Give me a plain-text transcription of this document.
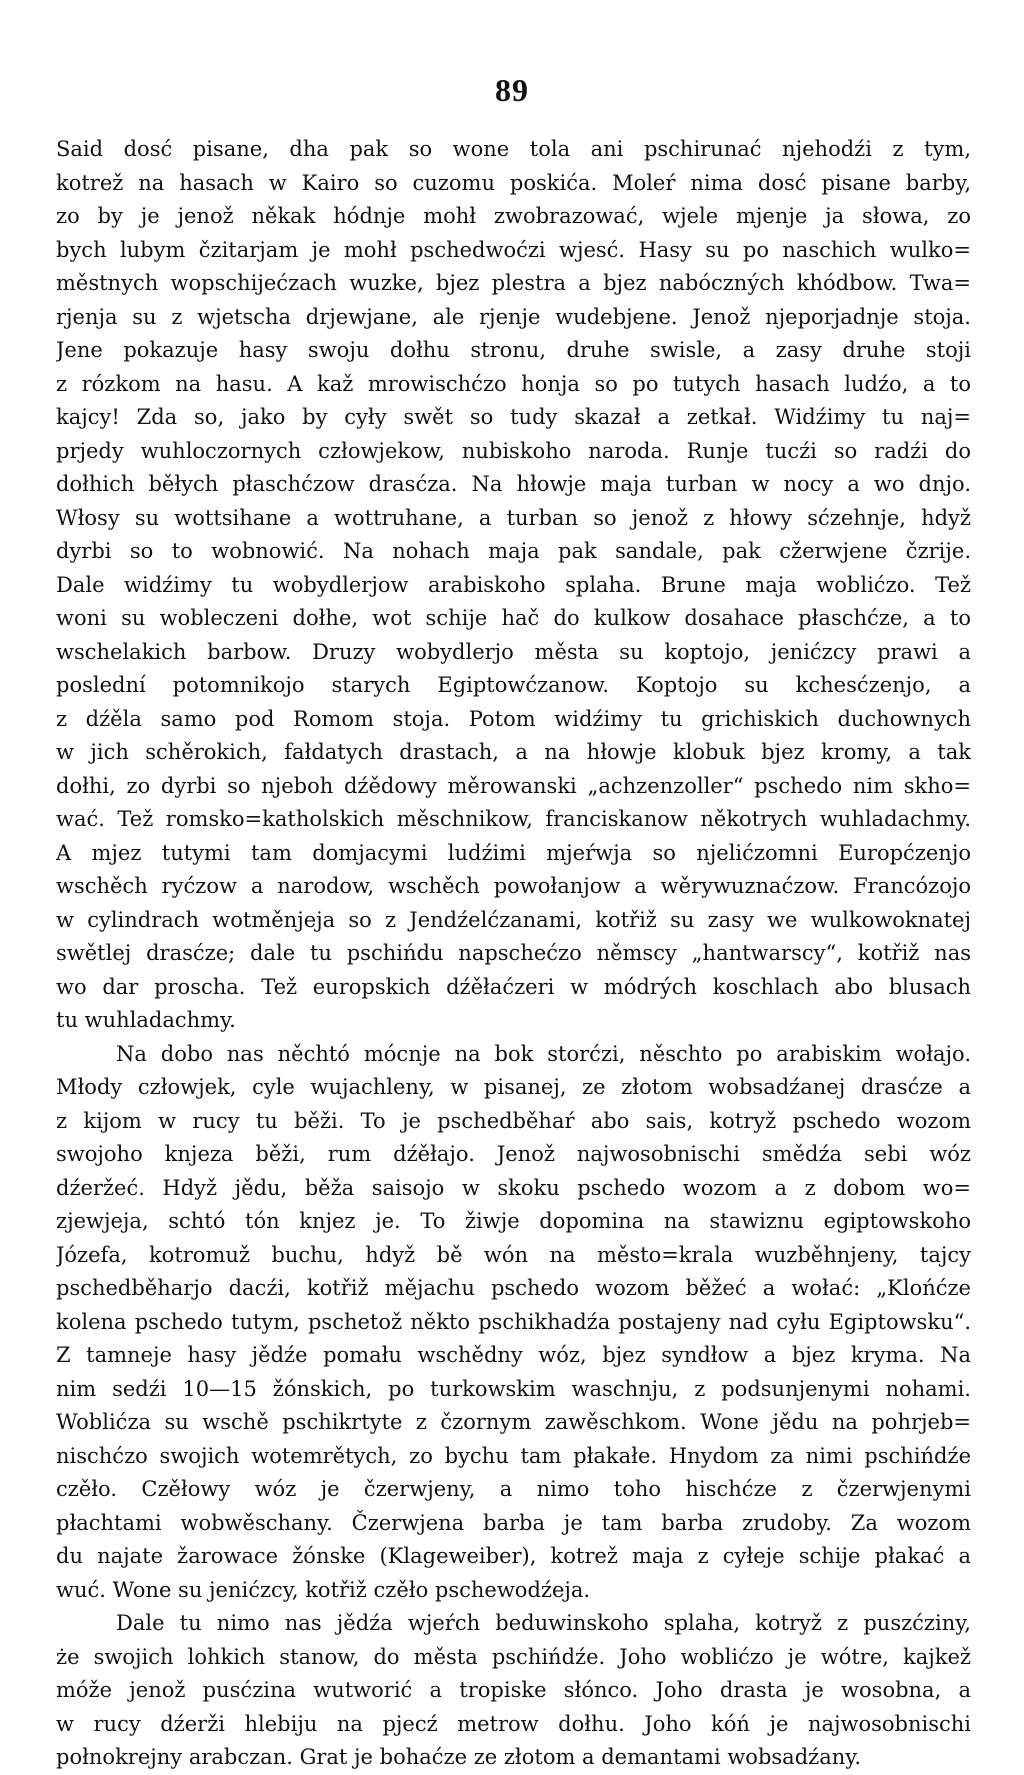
89
Said dosć pisane, dha pak so wone tola ani pschirunać njehodźi z tym,
kotrež na hasach w Kairo so cuzomu poskića. Moleŕ nima dosć pisane barby,
zo by je jenož někak hódnje mohł zwobrazować, wjele mjenje ja słowa, zo
bych lubym čzitarjam je mohł pschedwoćzi wjesć. Hasy su po naschich wulko=
městnych wopschijećzach wuzke, bjez plestra a bjez nabóczných khódbow. Twa=
rjenja su z wjetscha drjewjane, ale rjenje wudebjene. Jenož njeporjadnje stoja.
Jene pokazuje hasy swoju dołhu stronu, druhe swisle, a zasy druhe stoji
z rózkom na hasu. A kaž mrowischćzo honja so po tutych hasach ludźo, a to
kajcy! Zda so, jako by cyły swět so tudy skazał a zetkał. Widźimy tu naj=
prjedy wuhloczornych człowjekow, nubiskoho naroda. Runje tucźi so radźi do
dołhich běłych płaschćzow drasćza. Na hłowje maja turban w nocy a wo dnjo.
Włosy su wottsihane a wottruhane, a turban so jenož z hłowy sćzehnje, hdyž
dyrbi so to wobnowić. Na nohach maja pak sandale, pak cžerwjene čzrije.
Dale widźimy tu wobydlerjow arabiskoho splaha. Brune maja woblićzo. Tež
woni su wobleczeni dołhe, wot schije hač do kulkow dosahace płaschćze, a to
wschelakich barbow. Druzy wobydlerjo města su koptojo, jenićzcy prawi a
poslední potomnikojo starych Egiptowćzanow. Koptojo su kchesćzenjo, a
z dźěla samo pod Romom stoja. Potom widźimy tu grichiskich duchownych
w jich schěrokich, fałdatych drastach, a na hłowje klobuk bjez kromy, a tak
dołhi, zo dyrbi so njeboh dźědowy měrowanski „achzenzoller“ pschedo nim skho=
wać. Tež romsko=katholskich měschnikow, franciskanow někotrych wuhladachmy.
A mjez tutymi tam domjacymi ludźimi mjeŕwja so njelićzomni Europćzenjo
wschěch ryćzow a narodow, wschěch powołanjow a wěrywuznaćzow. Francózojo
w cylindrach wotměnjeja so z Jendźelćzanami, kotřiž su zasy we wulkowoknatej
swětlej drasćze; dale tu pschińdu napschećzo němscy „hantwarscy“, kotřiž nas
wo dar proscha. Tež europskich dźěłaćzeri w módrých koschlach abo blusach
tu wuhladachmy.
Na dobo nas něchtó mócnje na bok storćzi, něschto po arabiskim wołajo.
Młody człowjek, cyle wujachleny, w pisanej, ze złotom wobsadźanej drasćze a
z kijom w rucy tu běži. To je pschedběhaŕ abo sais, kotryž pschedo wozom
swojoho knjeza běži, rum dźěłajo. Jenož najwosobnischi smědźa sebi wóz
dźeržeć. Hdyž jědu, běža saisojo w skoku pschedo wozom a z dobom wo=
zjewjeja, schtó tón knjez je. To žiwje dopomina na stawiznu egiptowskoho
Józefa, kotromuž buchu, hdyž bě wón na město=krala wuzběhnjeny, tajcy
pschedběharjo dacźi, kotřiž mějachu pschedo wozom běžeć a wołać: „Klońćze
kolena pschedo tutym, pschetož někto pschikhadźa postajeny nad cyłu Egiptowsku“.
Z tamneje hasy jědźe pomału wschědny wóz, bjez syndłow a bjez kryma. Na
nim sedźi 10—15 žónskich, po turkowskim waschnju, z podsunjenymi nohami.
Woblićza su wschě pschikrtyte z čzornym zawěschkom. Wone jědu na pohrjeb=
nischćzo swojich wotemrětych, zo bychu tam płakałe. Hnydom za nimi pschińdźe
czěło. Czěłowy wóz je čzerwjeny, a nimo toho hischćze z čzerwjenymi
płachtami wobwěschany. Čzerwjena barba je tam barba zrudoby. Za wozom
du najate žarowace žónske (Klageweiber), kotrež maja z cyłeje schije płakać a
wuć. Wone su jenićzcy, kotřiž czěło pschewodźeja.
Dale tu nimo nas jědźa wjeŕch beduwinskoho splaha, kotryž z puszćziny,
że swojich lohkich stanow, do města pschińdźe. Joho woblićzo je wótre, kajkež
móže jenož pusćzina wutworić a tropiske słónco. Joho drasta je wosobna, a
w rucy dźerži hlebiju na pjecź metrow dołhu. Joho kóń je najwosobnischi
połnokrejny arabczan. Grat je bohaćze ze złotom a demantami wobsadźany.
